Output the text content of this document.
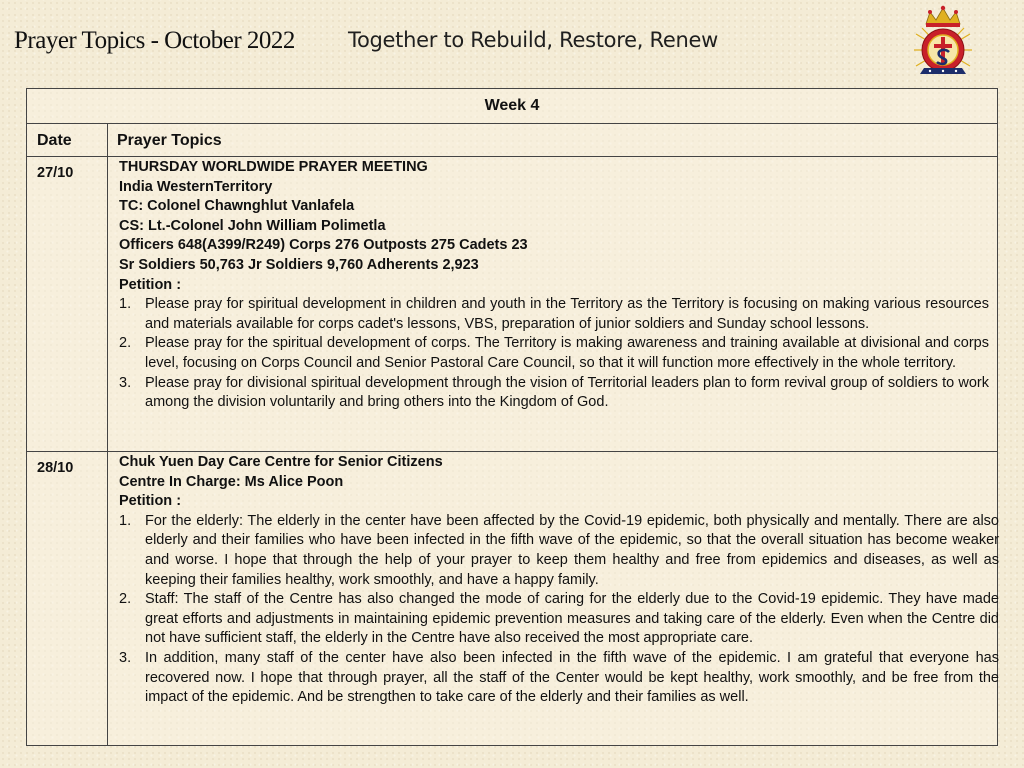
Prayer Topics - October 2022	Together to Rebuild, Restore, Renew
Week 4
Date	Prayer Topics
27/10	THURSDAY WORLDWIDE PRAYER MEETING
India WesternTerritory
TC: Colonel Chawnghlut Vanlafela
CS: Lt.-Colonel John William Polimetla
Officers 648(A399/R249) Corps 276 Outposts 275 Cadets 23
Sr Soldiers 50,763 Jr Soldiers 9,760 Adherents 2,923
Petition :
1. Please pray for spiritual development in children and youth in the Territory as the Territory is focusing on making various resources and materials available for corps cadet's lessons, VBS, preparation of junior soldiers and Sunday school lessons.
2. Please pray for the spiritual development of corps. The Territory is making awareness and training available at divisional and corps level, focusing on Corps Council and Senior Pastoral Care Council, so that it will function more effectively in the whole territory.
3. Please pray for divisional spiritual development through the vision of Territorial leaders plan to form revival group of soldiers to work among the division voluntarily and bring others into the Kingdom of God.
28/10	Chuk Yuen Day Care Centre for Senior Citizens
Centre In Charge: Ms Alice Poon
Petition :
1. For the elderly: The elderly in the center have been affected by the Covid-19 epidemic, both physically and mentally. There are also elderly and their families who have been infected in the fifth wave of the epidemic, so that the overall situation has become weaker and worse. I hope that through the help of your prayer to keep them healthy and free from epidemics and diseases, as well as keeping their families healthy, work smoothly, and have a happy family.
2. Staff: The staff of the Centre has also changed the mode of caring for the elderly due to the Covid-19 epidemic. They have made great efforts and adjustments in maintaining epidemic prevention measures and taking care of the elderly. Even when the Centre did not have sufficient staff, the elderly in the Centre have also received the most appropriate care.
3. In addition, many staff of the center have also been infected in the fifth wave of the epidemic. I am grateful that everyone has recovered now. I hope that through prayer, all the staff of the Center would be kept healthy, work smoothly, and be free from the impact of the epidemic. And be strengthen to take care of the elderly and their families as well.
